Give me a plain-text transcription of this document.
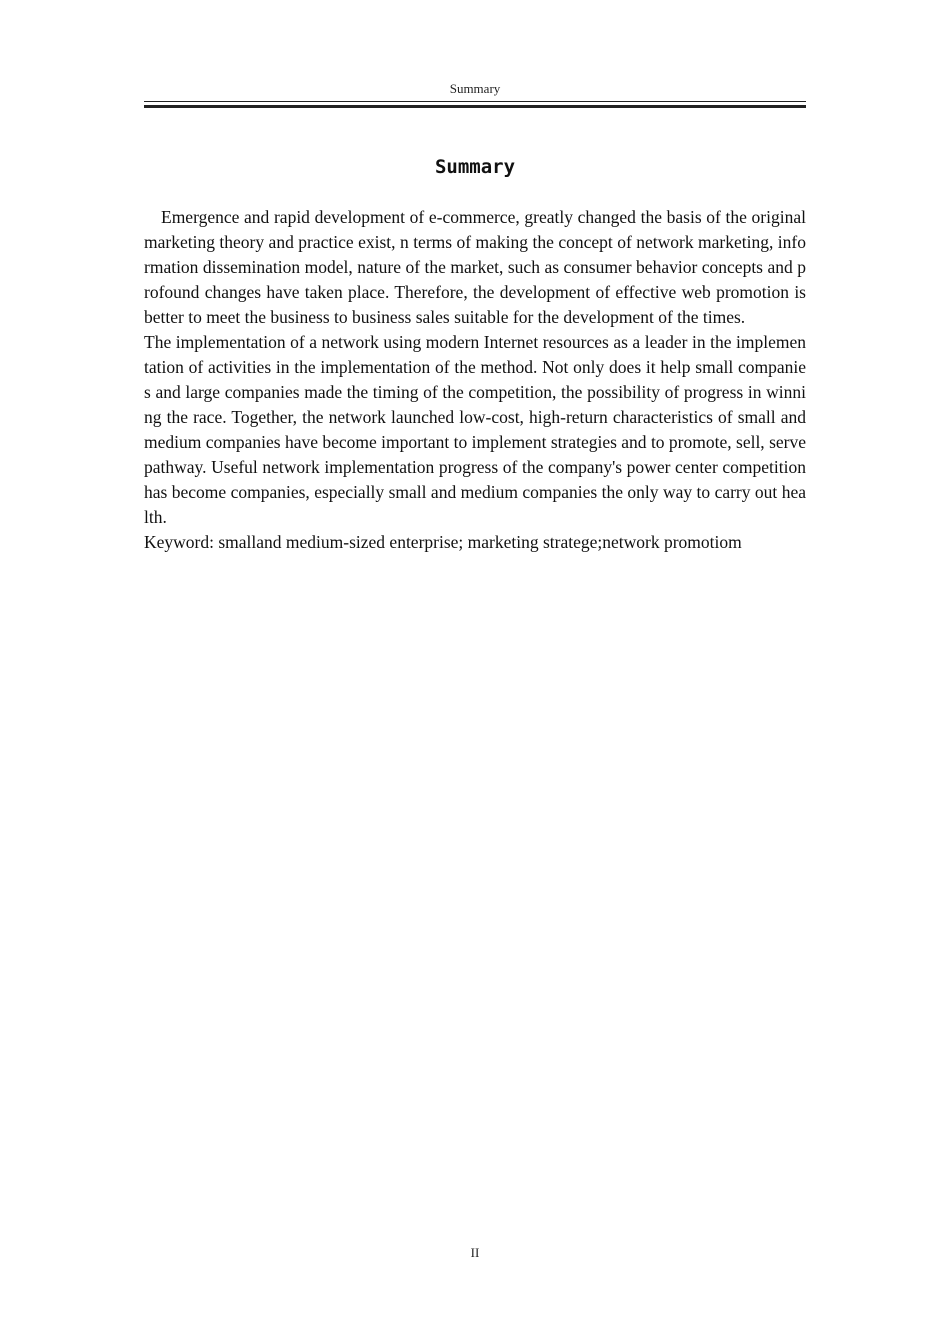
Summary
Summary

Emergence and rapid development of e-commerce, greatly changed the basis of the original marketing theory and practice exist, n terms of making the concept of network marketing, information dissemination model, nature of the market, such as consumer behavior concepts and profound changes have taken place. Therefore, the development of effective web promotion is better to meet the business to business sales suitable for the development of the times.

The implementation of a network using modern Internet resources as a leader in the implementation of activities in the implementation of the method. Not only does it help small companies and large companies made the timing of the competition, the possibility of progress in winning the race. Together, the network launched low-cost, high-return characteristics of small and medium companies have become important to implement strategies and to promote, sell, serve pathway. Useful network implementation progress of the company's power center competition has become companies, especially small and medium companies the only way to carry out health.

Keyword: smalland medium-sized enterprise; marketing stratege;network promotiom

II
